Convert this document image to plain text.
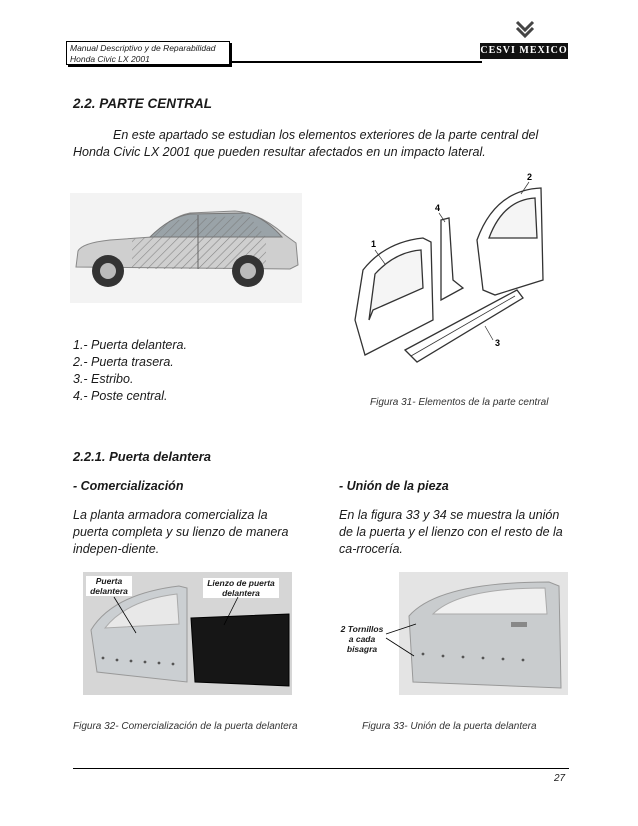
Manual Descriptivo y de Reparabilidad
Honda Civic LX 2001
CESVI MEXICO
2.2. PARTE CENTRAL
En este apartado se estudian los elementos exteriores de la parte central del Honda Civic LX 2001 que pueden resultar afectados en un impacto lateral.
1
2
3
4
1.- Puerta delantera.
2.- Puerta trasera.
3.- Estribo.
4.- Poste central.	Figura 31- Elementos de la parte central
2.2.1. Puerta delantera
- Comercialización	- Unión de la pieza
La planta armadora comercializa la puerta completa y su lienzo de manera indepen-diente.
En la figura 33 y 34 se muestra la unión de la puerta y el lienzo con el resto de la ca-rrocería.
Puerta delantera
Lienzo de puerta delantera
Figura 32- Comercialización de la puerta delantera
2 Tornillos a cada bisagra
Figura 33- Unión de la puerta delantera
27
